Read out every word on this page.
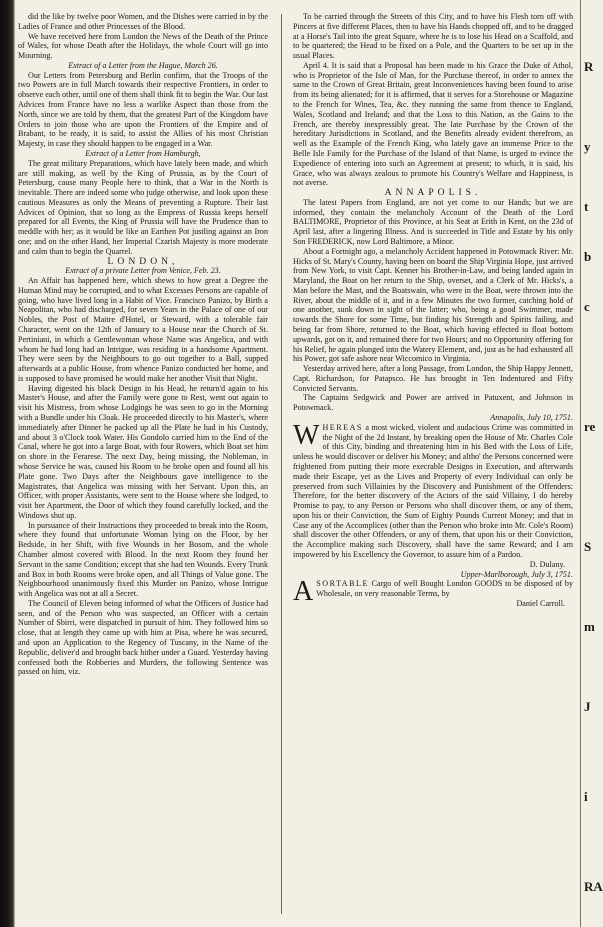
did the like by twelve poor Women, and the Dishes were carried in by the Ladies of France and other Princesses of the Blood.

We have received here from London the News of the Death of the Prince of Wales, for whose Death after the Holidays, the whole Court will go into Mourning.

Extract of a Letter from the Hague, March 26.

Our Letters from Petersburg and Berlin confirm, that the Troops of the two Powers are in full March towards their respective Frontiers, in order to observe each other, until one of them shall think fit to begin the War. Our last Advices from France have no less a warlike Aspect than those from the North, since we are told by them, that the greatest Part of the Kingdom have Orders to join those who are upon the Frontiers of the Empire and of Brabant, to be ready, it is said, to assist the Allies of his most Christian Majesty, in case they should happen to be engaged in a War.

Extract of a Letter from Hamburgh,

The great military Preparations, which have lately been made, and which are still making, as well by the King of Prussia, as by the Court of Petersburg, cause many People here to think, that a War in the North is inevitable. There are indeed some who judge otherwise, and look upon these cautious Measures as only the Means of preventing a Rupture. Their last Advices of Opinion, that so long as the Empress of Russia keeps herself prepared for all Events, the King of Prussia will have the Prudence than to meddle with her; as it would be like an Earthen Pot justling against an Iron one; and on the other Hand, her Imperial Czarish Majesty is more moderate and calm than to begin the Quarrel.

LONDON,

Extract of a private Letter from Venice, Feb. 23.

An Affair has happened here, which shews to how great a Degree the Human Mind may be corrupted, and to what Excesses Persons are capable of going, who have lived long in a Habit of Vice. Francisco Panizo, by Birth a Neapolitan, who had discharged, for seven Years in the Palace of one of our Nobles, the Post of Maitre d'Hotel, or Steward, with a tolerable fair Character, went on the 12th of January to a House near the Church of St. Pertiniani, in which a Gentlewoman whose Name was Angelica, and with whom he had long had an Intrigue, was residing in a handsome Apartment. They were seen by the Neighbours to go out together to a Ball, supped afterwards at a public House, from whence Panizo conducted her home, and is supposed to have promised he would make her another Visit that Night.

Having digested his black Design in his Head, he return'd again to his Master's House, and after the Family were gone to Rest, went out again to visit his Mistress, from whose Lodgings he was seen to go in the Morning with a Bundle under his Cloak. He proceeded directly to his Master's, where immediately after Dinner he packed up all the Plate he had in his Custody, and about 3 o'Clock took Water. His Gondolo carried him to the End of the Canal, where he got into a large Boat, with four Rowers, which Boat set him on shore in the Ferarese. The next Day, being missing, the Nobleman, in whose Service he was, caused his Room to be broke open and found all his Plate gone. Two Days after the Neighbours gave intelligence to the Magistrates, that Angelica was missing with her Servant. Upon this, an Officer, with proper Assistants, were sent to the House where she lodged, to visit her Apartment, the Door of which they found carefully locked, and the Windows shut up.

In pursuance of their Instructions they proceeded to break into the Room, where they found that unfortunate Woman lying on the Floor, by her Bedside, in her Shift, with five Wounds in her Bosom, and the whole Chamber almost covered with Blood. In the next Room they found her Servant in the same Condition; except that she had ten Wounds. Every Trunk and Box in both Rooms were broke open, and all Things of Value gone. The Neighbourhood unanimously fixed this Murder on Panizo, whose Intrigue with Angelica was not at all a Secret.

The Council of Eleven being informed of what the Officers of Justice had seen, and of the Person who was suspected, an Officer with a certain Number of Sbirri, were dispatched in pursuit of him. They followed him so close, that at length they came up with him at Pisa, where he was secured, and upon an Application to the Regency of Tuscany, in the Name of the Republic, deliver'd and brought back hither under a Guard. Yesterday having confessed both the Robberies and Murders, the following Sentence was passed on him, viz.

To be carried through the Streets of this City, and to have his Flesh torn off with Pincers at five different Places, then to have his Hands chopped off, and to be dragged at a Horse's Tail into the great Square, where he is to lose his Head on a Scaffold, and to be quartered; the Head to be fixed on a Pole, and the Quarters to be set up in the usual Places.

April 4. It is said that a Proposal has been made to his Grace the Duke of Athol, who is Proprietor of the Isle of Man, for the Purchase thereof, in order to annex the same to the Crown of Great Britain, great Inconveniences having been found to arise from its being alienated; for it is affirmed, that it serves for a Storehouse or Magazine to the French for Wines, Tea, &c. they running the same from thence to England, Wales, Scotland and Ireland; and that the Loss to this Nation, as the Gains to the French, are thereby inexpressibly great. The late Purchase by the Crown of the hereditary Jurisdictions in Scotland, and the Benefits already evident therefrom, as well as the Example of the French King, who lately gave an immense Price to the Belle Isle Family for the Purchase of the Island of that Name, is urged to evince the Expedience of entering into such an Agreement at present; to which, it is said, his Grace, who was always zealous to promote his Country's Welfare and Happiness, is not averse.

ANNAPOLIS.

The latest Papers from England, are not yet come to our Hands; but we are informed, they contain the melancholy Account of the Death of the Lord BALTIMORE, Proprietor of this Province, at his Seat at Erith in Kent, on the 23d of April last, after a lingering Illness. And is succeeded in Title and Estate by his only Son FREDERICK, now Lord Baltimore, a Minor.

About a Fortnight ago, a melancholy Accident happened in Potowmack River: Mr. Hicks of St. Mary's County, having been on board the Ship Virginia Hope, just arrived from New York, to visit Capt. Kenner his Brother-in-Law, and being landed again in Maryland, the Boat on her return to the Ship, overset, and a Clerk of Mr. Hicks's, a Man before the Mast, and the Boatswain, who were in the Boat, were thrown into the River, about the middle of it, and in a few Minutes the two former, catching hold of one another, sunk down in sight of the latter; who, being a good Swimmer, made towards the Shore for some Time, but finding his Strength and Spirits failing, and being far from Shore, returned to the Boat, which having effected to float bottom upwards, got on it, and remained there for two Hours; and no Opportunity offering for his Relief, he again plunged into the Watery Element, and, just as he had exhausted all his Power, got safe ashore near Wiccomico in Virginia.

Yesterday arrived here, after a long Passage, from London, the Ship Happy Jennett, Capt. Richardson, for Patapsco. He has brought in Ten Indentured and Fifty Convicted Servants.

The Captains Sedgwick and Power are arrived in Patuxent, and Johnson in Potowmack.

Annapolis, July 10, 1751.

WHEREAS a most wicked, violent and audacious Crime was committed in the Night of the 2d Instant, by breaking open the House of Mr. Charles Cole of this City, binding and threatening him in his Bed with the Loss of Life, unless he would discover or deliver his Money; and altho' the Persons concerned were frightened from putting their more execrable Designs in Execution, and afterwards made their Escape, yet as the Lives and Property of every Individual can only be preserved from such Villainies by the Discovery and Punishment of the Offenders: Therefore, for the better discovery of the Actors of the said Villainy, I do hereby Promise to pay, to any Person or Persons who shall discover them, or any of them, upon his or their Conviction, the Sum of Eighty Pounds Current Money; and that in Case any of the Accomplices (other than the Person who broke into Mr. Cole's Room) shall discover the other Offenders, or any of them, that upon his or their Conviction, the Accomplice making such Discovery, shall have the same Reward; and I am impowered by his Excellency the Governor, to assure him of a Pardon.

D. Dulany.

Upper-Marlborough, July 3, 1751.

ASORTABLE Cargo of well Bought London GOODS to be disposed of by Wholesale, on very reasonable Terms, by

Daniel Carroll.

R
y
t
b
c
re
S
m
J
i
RA
